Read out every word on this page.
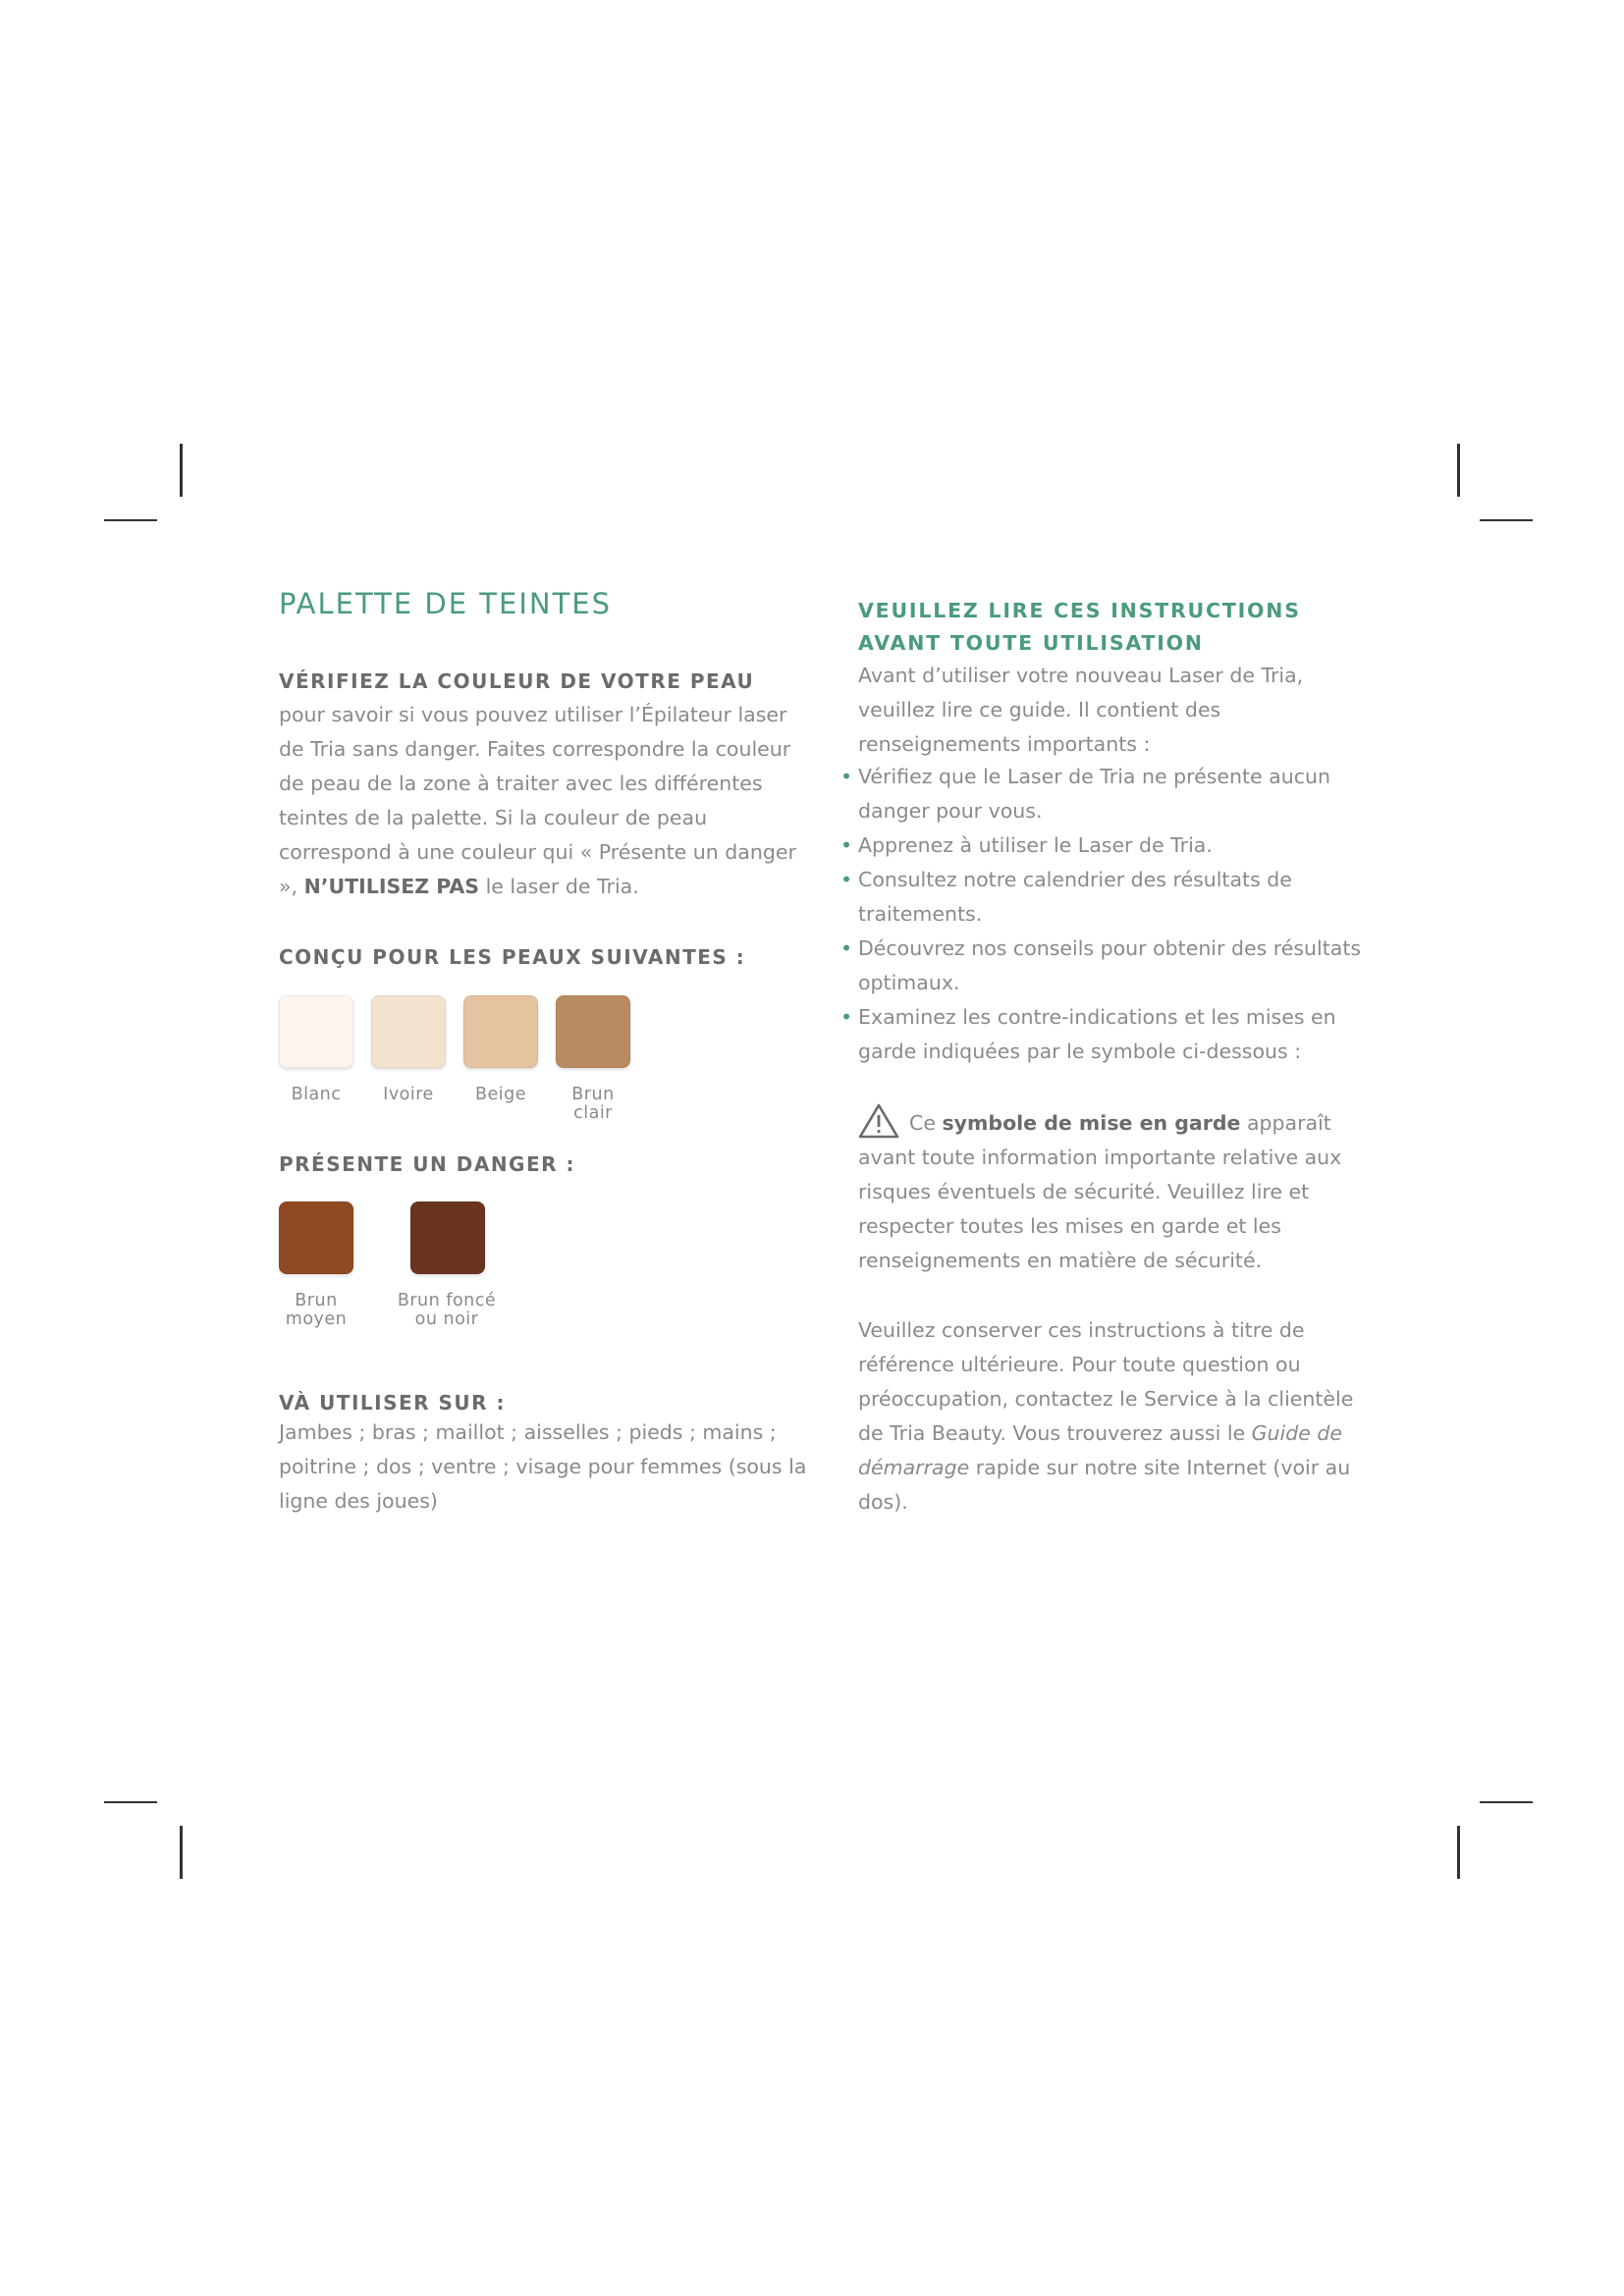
PALETTE DE TEINTES
VÉRIFIEZ LA COULEUR DE VOTRE PEAU

pour savoir si vous pouvez utiliser l’Épilateur laser de Tria sans danger. Faites correspondre la couleur de peau de la zone à traiter avec les différentes teintes de la palette. Si la couleur de peau correspond à une couleur qui « Présente un danger », N’UTILISEZ PAS le laser de Tria.

CONÇU POUR LES PEAUX SUIVANTES :
Blanc	Ivoire	Beige	Brun
clair
PRÉSENTE UN DANGER :
Brun
moyen
Brun foncé
ou noir
VÀ UTILISER SUR :

Jambes ; bras ; maillot ; aisselles ; pieds ; mains ; poitrine ; dos ; ventre ; visage pour femmes (sous la ligne des joues)

VEUILLEZ LIRE CES INSTRUCTIONS AVANT TOUTE UTILISATION

Avant d’utiliser votre nouveau Laser de Tria, veuillez lire ce guide. Il contient des renseignements importants :

• Vérifiez que le Laser de Tria ne présente aucun danger pour vous.
• Apprenez à utiliser le Laser de Tria.
• Consultez notre calendrier des résultats de traitements.
• Découvrez nos conseils pour obtenir des résultats optimaux.
• Examinez les contre-indications et les mises en garde indiquées par le symbole ci-dessous :

Ce symbole de mise en garde apparaît avant toute information importante relative aux risques éventuels de sécurité. Veuillez lire et respecter toutes les mises en garde et les renseignements en matière de sécurité.

Veuillez conserver ces instructions à titre de référence ultérieure. Pour toute question ou préoccupation, contactez le Service à la clientèle de Tria Beauty. Vous trouverez aussi le Guide de démarrage rapide sur notre site Internet (voir au dos).
